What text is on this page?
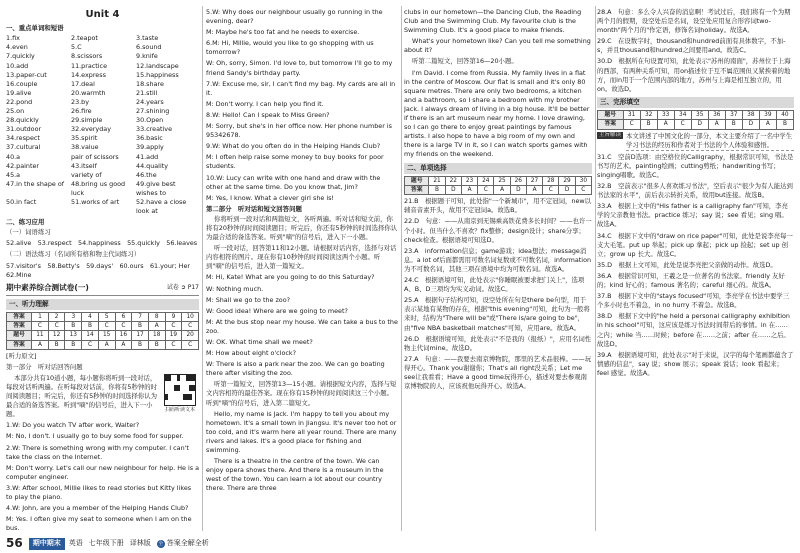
Unit 4
一、重点单词和短语
1.fix	2.teapot	3.taste
4.even	5.C	6.sound
7.quickly	8.scissors	9.knife
10.add	11.practice	12.landscape
13.paper-cut	14.express	15.happiness
16.couple	17.deal	18.share
19.alive	20.warmth	21.still
22.pond	23.by	24.years
25.on	26.fire	27.shining
28.quickly	29.simple	30.Open
31.outdoor	32.everyday	33.creative
34.respect	35.spirit	36.basic
37.cultural	38.value	39.apply
40.a	pair of scissors	41.add
42.painter	43.itself	44.quality
45.a	variety of	46.the
47.in the shape of	48.bring us good luck
49.give best wishes to
50.in fact	51.works of art	52.have a close look at
二、练习应用

（一）词语练习

52.alive　53.respect　54.happiness　55.quickly　56.leaves

（二）语法练习（名词所有格和物主代词练习）

57.visitor's　58.Betty's　59.days'　60.ours　61.your; Her　62.Mine

期中素养综合测试卷(一)	试卷 ➲ P17
一、听力理解
答案	1	2	3	4	5	6	7	8	9	10
答案	C	C	B	B	C	C	B	A	C	C
题号	11	12	13	14	15	16	17	18	19	20
答案	A	B	B	C	A	A	B	B	C	C

[听力原文]

第一部分　听对话回答问题

扫码听读文本

本部分共有10道小题，每小题你将听到一段对话，每段对话听两遍。在听每段对话前，你将有5秒钟的时间阅读题目；听完后，你还有5秒钟的时间选择你认为最合适的备选答案。听到"嘀"的信号后，进入下一小题。

1.W: Do you watch TV after work, Walter?

M: No, I don't. I usually go to buy some food for supper.

2.W: There is something wrong with my computer. I can't take the class on the Internet.

M: Don't worry. Let's call our new neighbour for help. He is a computer engineer.

3.W: After school, Millie likes to read stories but Kitty likes to play the piano.

4.W: John, are you a member of the Helping Hands Club?

M: Yes. I often give my seat to someone when I am on the bus.

5.W: Why does our neighbour usually go running in the evening, dear?

M: Maybe he's too fat and he needs to exercise.

6.M: Hi, Millie, would you like to go shopping with us tomorrow?

W: Oh, sorry, Simon. I'd love to, but tomorrow I'll go to my friend Sandy's birthday party.

7.W: Excuse me, sir, I can't find my bag. My cards are all in it.

M: Don't worry. I can help you find it.

8.W: Hello! Can I speak to Miss Green?

M: Sorry, but she's in her office now. Her phone number is 95342678.

9.W: What do you often do in the Helping Hands Club?

M: I often help raise some money to buy books for poor students.

10.W: Lucy can write with one hand and draw with the other at the same time. Do you know that, Jim?

M: Yes, I know. What a clever girl she is!

第二部分　听对话和短文回答问题

你将听到一段对话和两篇短文，各听两遍。听对话和短文前，你将有20秒钟的时间阅读题目；听完后，你还有5秒钟的时间选择你认为最合适的备选答案。听到"嘀"的信号后，进入下一小题。

听一段对话，回答第11和12小题。请根据对话内容，选择与对话内容相符的图片。现在你有10秒钟的时间阅读这两个小题。听到"嘀"的信号后，进入第一篇短文。

M: Hi, Kate! What are you going to do this Saturday?

W: Nothing much.

M: Shall we go to the zoo?

W: Good idea! Where are we going to meet?

M: At the bus stop near my house. We can take a bus to the zoo.

W: OK. What time shall we meet?

M: How about eight o'clock?

W: There is also a park near the zoo. We can go boating there after visiting the zoo.

听第一篇短文，回答第13—15小题。请根据短文内容，选择与短文内容相符的最佳答案。现在你有15秒钟的时间阅读这三个小题。听到"嘀"的信号后，进入第二篇短文。

Hello, my name is Jack. I'm happy to tell you about my hometown. It's a small town in Jiangsu. It's never too hot or too cold, and it's warm here all year round. There are many rivers and lakes. It's a good place for fishing and swimming.

There is a theatre in the centre of the town. We can enjoy opera shows there. And there is a museum in the west of the town. You can learn a lot about our country there. There are three

clubs in our hometown—the Dancing Club, the Reading Club and the Swimming Club. My favourite club is the Swimming Club. It's a good place to make friends.

What's your hometown like? Can you tell me something about it?

听第二篇短文，回答第16—20小题。

I'm David. I come from Russia. My family lives in a flat in the centre of Moscow. Our flat is small and it's only 80 square metres. There are only two bedrooms, a kitchen and a bathroom, so I share a bedroom with my brother Jack. I always dream of living in a big house. It'll be better if there is an art museum near my home. I love drawing, so I can go there to enjoy great paintings by famous artists. I also hope to have a big room of my own and there is a large TV in it, so I can watch sports games with my friends on the weekend.

二、单项选择
题号	21	22	23	24	25	26	27	28	29	30
答案	B	D	A	C	A	D	A	C	D	C

21.B　根据题干可知，此处指"一个新城市"，用不定冠词，new以辅音音素开头，故用不定冠词a。故选B。

22.D　句意：——从南京到无锡乘高铁花费多长时间？——也许一个小时。但当什么不喜欢？fix整修；design设计；share分享；check检查。根据语境可知选D。

23.A　information信息；game游戏；idea想法；message消息。a lot of后面都需用可数名词复数或不可数名词，information为不可数名词，其他三项在语境中均为可数名词。故选A。

24.C　根据语境可知，此处表示"你睡眠被要求把门关上"，选项A、B、D三项均为实义动词。故选C。

25.A　根据句子结构可知，设空处所在句是there be句型，用于表示某地有某物的存在，根据"this evening"可知，此句为一般将来时，结构为"There will be"或"There is/are going to be"，由"five NBA basketball matches"可知，应用are。故选A。

26.D　根据语境可知，此处表示"不是我的（报纸）"，应用名词性物主代词mine。故选D。

27.A　句意：——我要去南京博物院，那里的艺术品很棒。——玩得开心。Thank you谢谢你；That's all right没关系；Let me see让我看看；Have a good time玩得开心，描述对要去参观南京博物院的人，应该祝他玩得开心。故选A。

28.A　句意：多么令人兴奋的消息啊！考试过后，我们将有一个为期两个月的假期，设空处后是名词，设空处应用复合形容词two-month"两个月的"作定语，修饰名词holiday。故选A。

29.C　在设数字时，thousand和hundred前面有具体数字，不加-s，并且thousand和hundred之间要用and。故选C。

30.D　根据所在句设置可知，此处表示"苏州的南面"，苏州位于上海的西部，有两种关系可知，用on描述位于互不属范围但又紧挨着的地方，而in用于一个范围内部的地方，苏州与上海是相互独立的，用on。故选D。

三、完形填空
题号	31	32	33	34	35	36	37	38	39	40
答案	C	B	A	C	D	A	B	D	A	B
主旨解读 本文讲述了中国文化的一部分，本文主要介绍了一名中学生学习书法的经历和作者对于书法的个人体验和感悟。

31.C　空前D选项：由空格位的Calligraphy，根据常识可知，书法是书写的艺术。painting绘画；cutting剪纸；handwriting书写；singing唱歌。故选C。

32.B　空前表示"很多人喜欢练习书法"，空后表示"很少为有人能达到书法家的水平"，前后表示转折关系，故用but连接。故选B。

33.A　根据上文中的"His father is a calligraphy fan"可知，李亮学的父亲教他书法。practice 练习；say 说；see 看见；sing 唱。故选A。

34.C　根据下文中的"draw on rice paper"可知，此处是说李亮每一支大毛笔。put up 举起；pick up 拿起；pick up 捡起；set up 创立；grow up 长大。故选C。

35.D　根据上文可知，此处是说李亮把父亲做的动作。故选D。

36.A　根据常识可知，王羲之是一位著名的书法家。friendly 友好的；kind 好心的；famous 著名的；careful 细心的。故选A。

37.B　根据下文中的"stays focused"可知，李亮学在书法中要学三个多小时也不着急，in no hurry 不着急。故选B。

38.D　根据下文中的"he held a personal calligraphy exhibition in his school"可知，这应该是练习书法时间带后的事情。in 在……之内；while 当……时候；before 在……之前；after 在……之后。故选D。

39.A　根据语境可知，此处表示"对于来说，汉字的每个笔画都蕴含了情感的信息"，say 说；show 展示；speak 说话；look 看起来；feel 感觉。故选A。

56	期中期末	英语 七年级下册 译林版 全 答案全解全析
